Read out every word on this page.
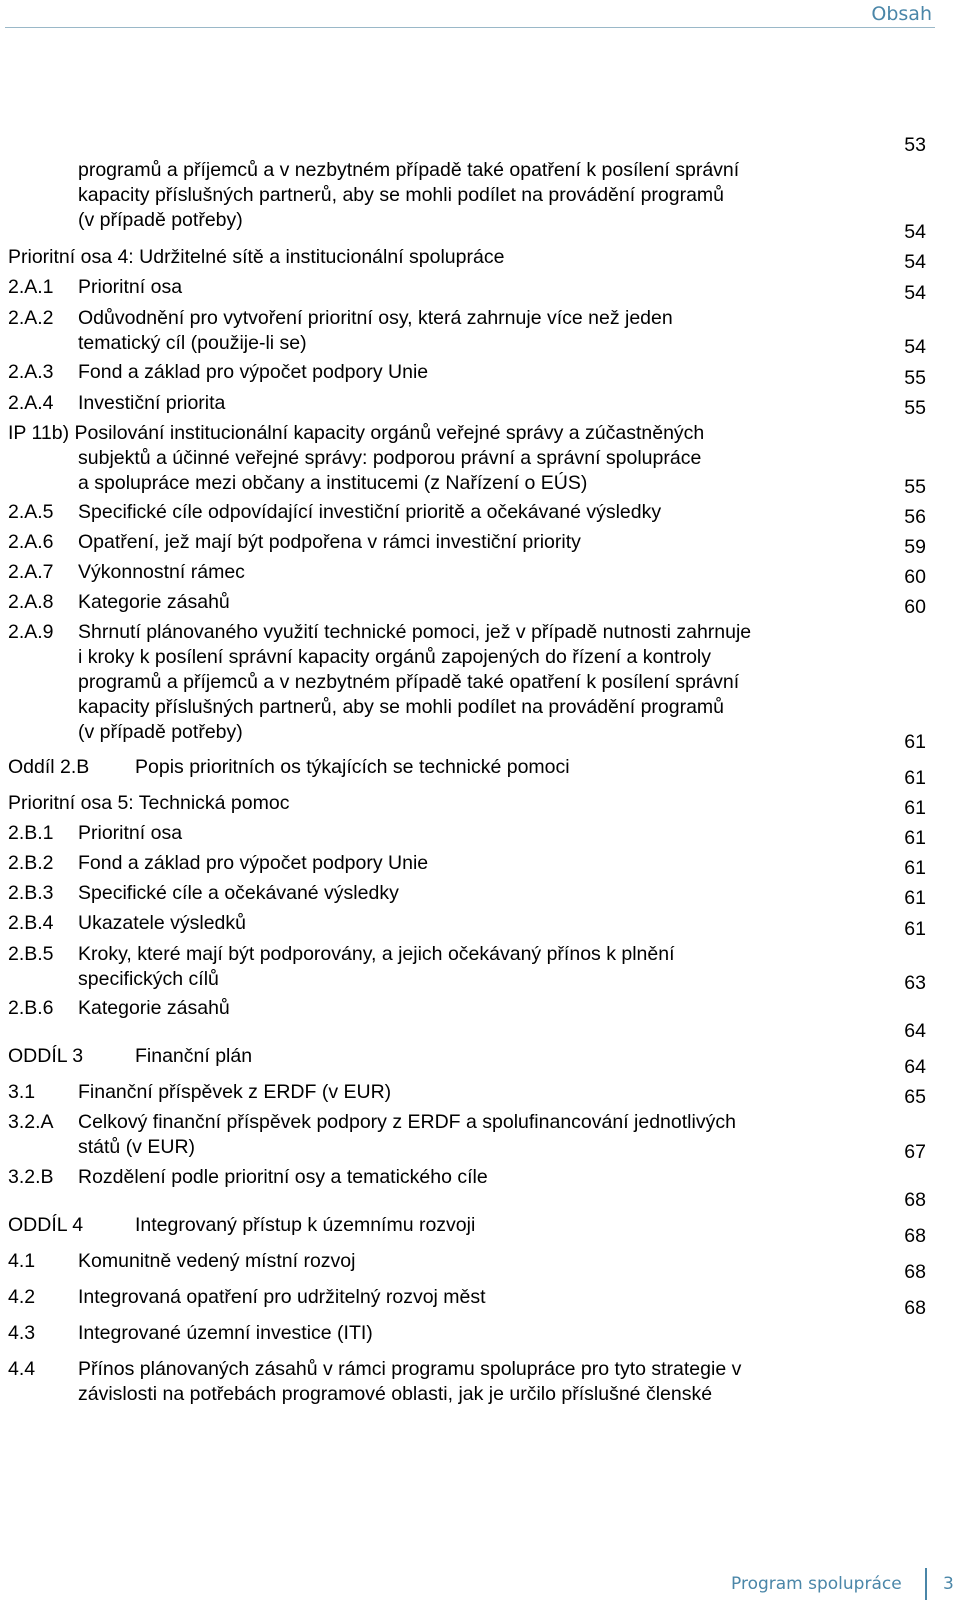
Obsah
programů a příjemců a v nezbytném případě také opatření k posílení správní
kapacity příslušných partnerů, aby se mohli podílet na provádění programů
(v případě potřeby)
53
Prioritní osa 4: Udržitelné sítě a institucionální spolupráce
54
2.A.1 Prioritní osa
54
2.A.2 Odůvodnění pro vytvoření prioritní osy, která zahrnuje více než jeden
tematický cíl (použije-li se)
54
2.A.3 Fond a základ pro výpočet podpory Unie
54
2.A.4 Investiční priorita
55
IP 11b) Posilování institucionální kapacity orgánů veřejné správy a zúčastněných
subjektů a účinné veřejné správy: podporou právní a správní spolupráce
a spolupráce mezi občany a institucemi (z Nařízení o EÚS)
55
2.A.5 Specifické cíle odpovídající investiční prioritě a očekávané výsledky
55
2.A.6 Opatření, jež mají být podpořena v rámci investiční priority
56
2.A.7 Výkonnostní rámec
59
2.A.8 Kategorie zásahů
60
2.A.9 Shrnutí plánovaného využití technické pomoci, jež v případě nutnosti zahrnuje
i kroky k posílení správní kapacity orgánů zapojených do řízení a kontroly
programů a příjemců a v nezbytném případě také opatření k posílení správní
kapacity příslušných partnerů, aby se mohli podílet na provádění programů
(v případě potřeby)
60
Oddíl 2.B Popis prioritních os týkajících se technické pomoci
61
Prioritní osa 5: Technická pomoc
61
2.B.1 Prioritní osa
61
2.B.2 Fond a základ pro výpočet podpory Unie
61
2.B.3 Specifické cíle a očekávané výsledky
61
2.B.4 Ukazatele výsledků
61
2.B.5 Kroky, které mají být podporovány, a jejich očekávaný přínos k plnění
specifických cílů
61
2.B.6 Kategorie zásahů
63
ODDÍL 3	Finanční plán
64
3.1 Finanční příspěvek z ERDF (v EUR)
64
3.2.A Celkový finanční příspěvek podpory z ERDF a spolufinancování jednotlivých
států (v EUR)
65
3.2.B Rozdělení podle prioritní osy a tematického cíle
67
ODDÍL 4	Integrovaný přístup k územnímu rozvoji
68
4.1 Komunitně vedený místní rozvoj
68
4.2 Integrovaná opatření pro udržitelný rozvoj měst
68
4.3 Integrované územní investice (ITI)
68
4.4 Přínos plánovaných zásahů v rámci programu spolupráce pro tyto strategie v
závislosti na potřebách programové oblasti, jak je určilo příslušné členské
Program spolupráce 3
